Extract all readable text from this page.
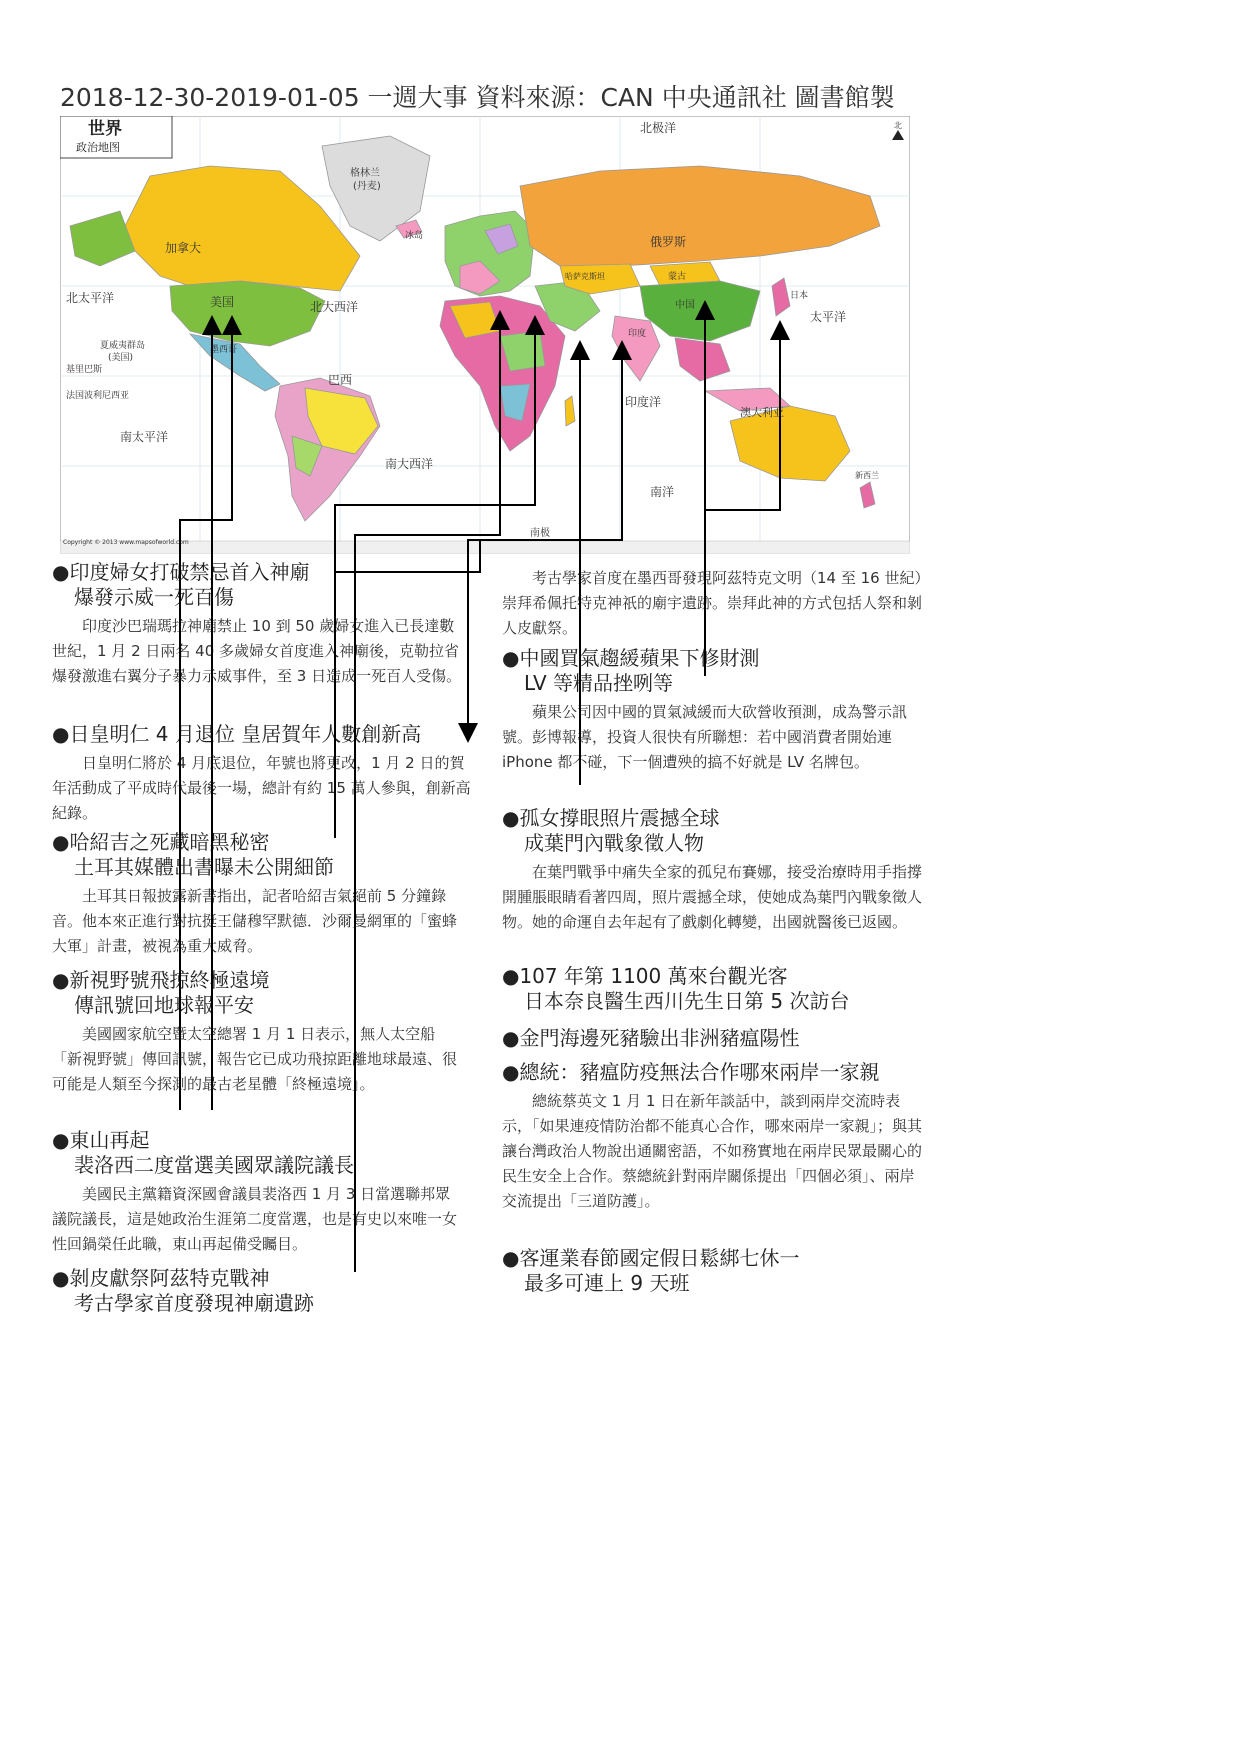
2018-12-30-2019-01-05 一週大事 資料來源：CAN 中央通訊社 圖書館製
世界
政治地图
北
北极洋
格林兰
(丹麦)
加拿大
美国
俄罗斯
北太平洋
北大西洋
太平洋
巴西
南大西洋
印度洋
南太平洋
南洋
澳大利亚
中国
蒙古
哈萨克斯坦
冰岛
印度
南极
夏威夷群岛
(美国)
基里巴斯
法国波利尼西亚
墨西哥
日本
新西兰
Copyright © 2013 www.mapsofworld.com
●印度婦女打破禁忌首入神廟
爆發示威一死百傷

印度沙巴瑞瑪拉神廟禁止 10 到 50 歲婦女進入已長達數世紀，1 月 2 日兩名 40 多歲婦女首度進入神廟後，克勒拉省爆發激進右翼分子暴力示威事件，至 3 日造成一死百人受傷。

●日皇明仁 4 月退位 皇居賀年人數創新高

日皇明仁將於 4 月底退位，年號也將更改，1 月 2 日的賀年活動成了平成時代最後一場，總計有約 15 萬人參與，創新高紀錄。

●哈紹吉之死藏暗黑秘密
土耳其媒體出書曝未公開細節

土耳其日報披露新書指出，記者哈紹吉氣絕前 5 分鐘錄音。他本來正進行對抗挺王儲穆罕默德．沙爾曼網軍的「蜜蜂大軍」計畫，被視為重大威脅。

●新視野號飛掠終極遠境
傳訊號回地球報平安

美國國家航空暨太空總署 1 月 1 日表示，無人太空船「新視野號」傳回訊號，報告它已成功飛掠距離地球最遠、很可能是人類至今探測的最古老星體「終極遠境」。

●東山再起
裴洛西二度當選美國眾議院議長

美國民主黨籍資深國會議員裴洛西 1 月 3 日當選聯邦眾議院議長，這是她政治生涯第二度當選，也是有史以來唯一女性回鍋榮任此職，東山再起備受矚目。

●剝皮獻祭阿茲特克戰神
考古學家首度發現神廟遺跡

考古學家首度在墨西哥發現阿茲特克文明（14 至 16 世紀）崇拜希佩托特克神祇的廟宇遺跡。崇拜此神的方式包括人祭和剝人皮獻祭。

●中國買氣趨緩蘋果下修財測
LV 等精品挫咧等

蘋果公司因中國的買氣減緩而大砍營收預測，成為警示訊號。彭博報導，投資人很快有所聯想：若中國消費者開始連 iPhone 都不碰，下一個遭殃的搞不好就是 LV 名牌包。

●孤女撐眼照片震撼全球
成葉門內戰象徵人物

在葉門戰爭中痛失全家的孤兒布賽娜，接受治療時用手指撐開腫脹眼睛看著四周，照片震撼全球，使她成為葉門內戰象徵人物。她的命運自去年起有了戲劇化轉變，出國就醫後已返國。

●107 年第 1100 萬來台觀光客
日本奈良醫生西川先生日第 5 次訪台
●金門海邊死豬驗出非洲豬瘟陽性
●總統：豬瘟防疫無法合作哪來兩岸一家親

總統蔡英文 1 月 1 日在新年談話中，談到兩岸交流時表示，「如果連疫情防治都不能真心合作，哪來兩岸一家親」；與其讓台灣政治人物說出通關密語，不如務實地在兩岸民眾最關心的民生安全上合作。蔡總統針對兩岸關係提出「四個必須」、兩岸交流提出「三道防護」。

●客運業春節國定假日鬆綁七休一
最多可連上 9 天班
